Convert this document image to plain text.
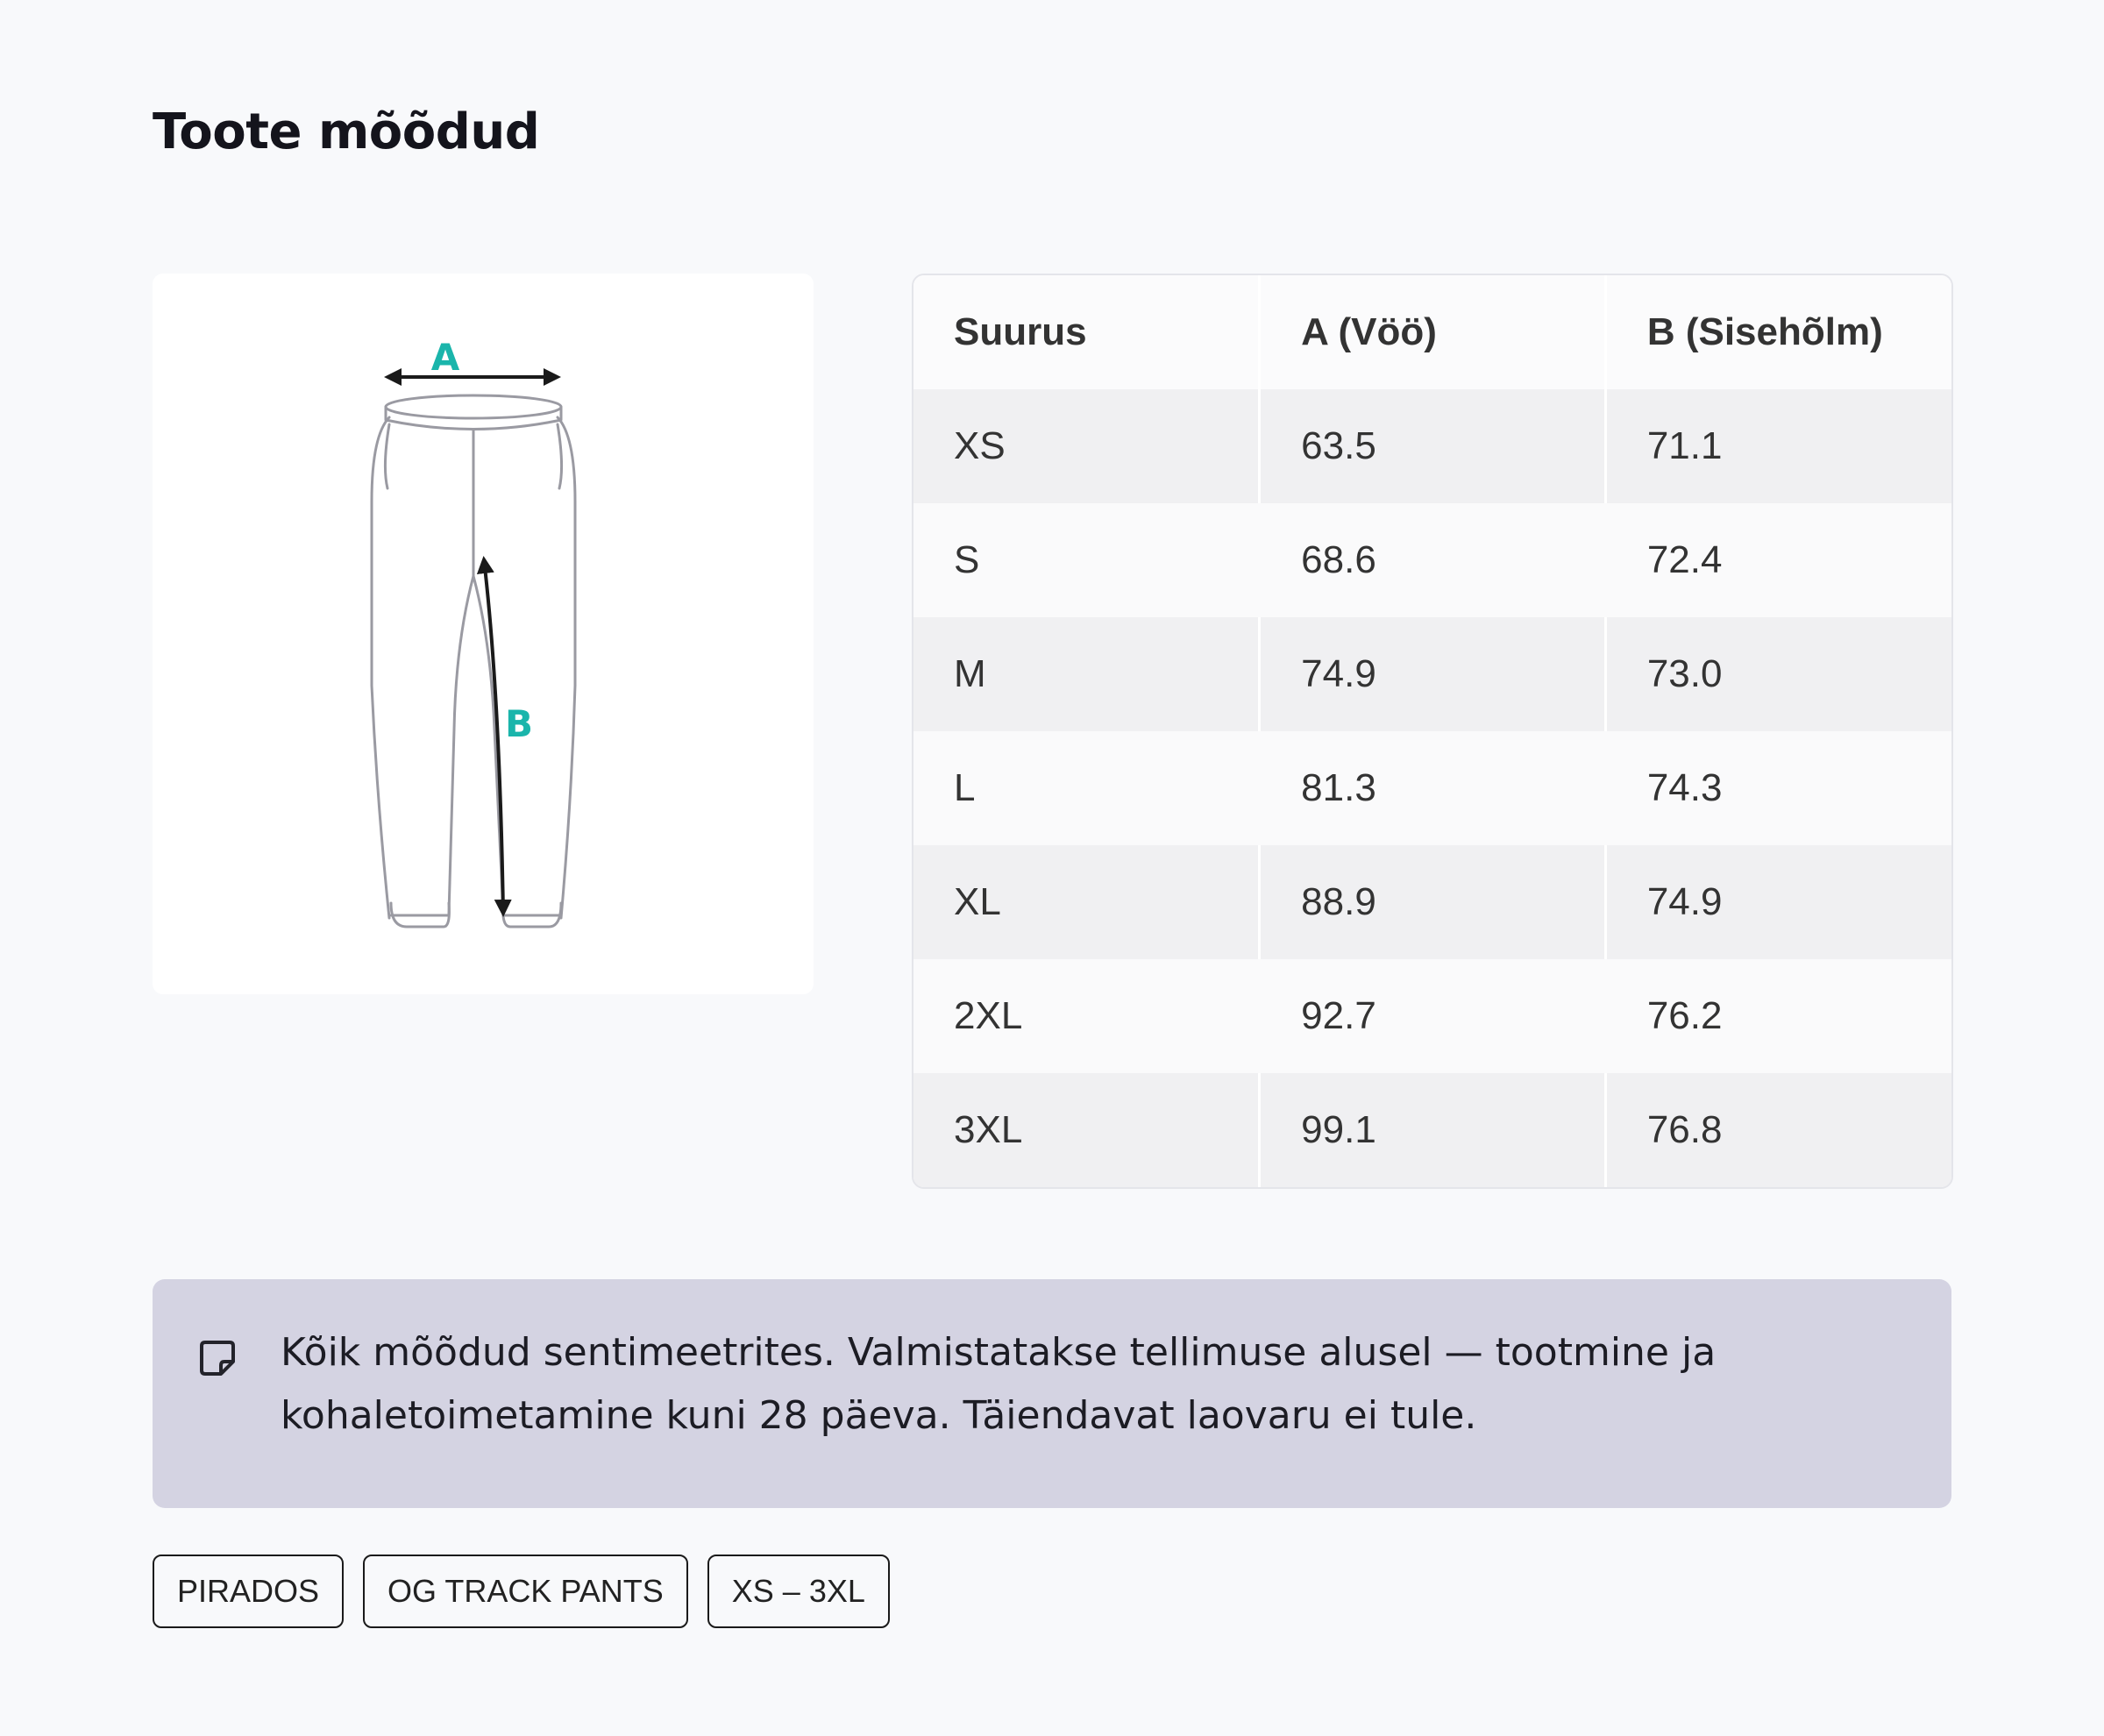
Toote mõõdud
A
B
Suurus	A (Vöö)	B (Sisehõlm)
XS	63.5	71.1
S	68.6	72.4
M	74.9	73.0
L	81.3	74.3
XL	88.9	74.9
2XL	92.7	76.2
3XL	99.1	76.8
Kõik mõõdud sentimeetrites. Valmistatakse tellimuse alusel — tootmine ja kohaletoimetamine kuni 28 päeva. Täiendavat laovaru ei tule.
PIRADOS	OG TRACK PANTS	XS – 3XL
